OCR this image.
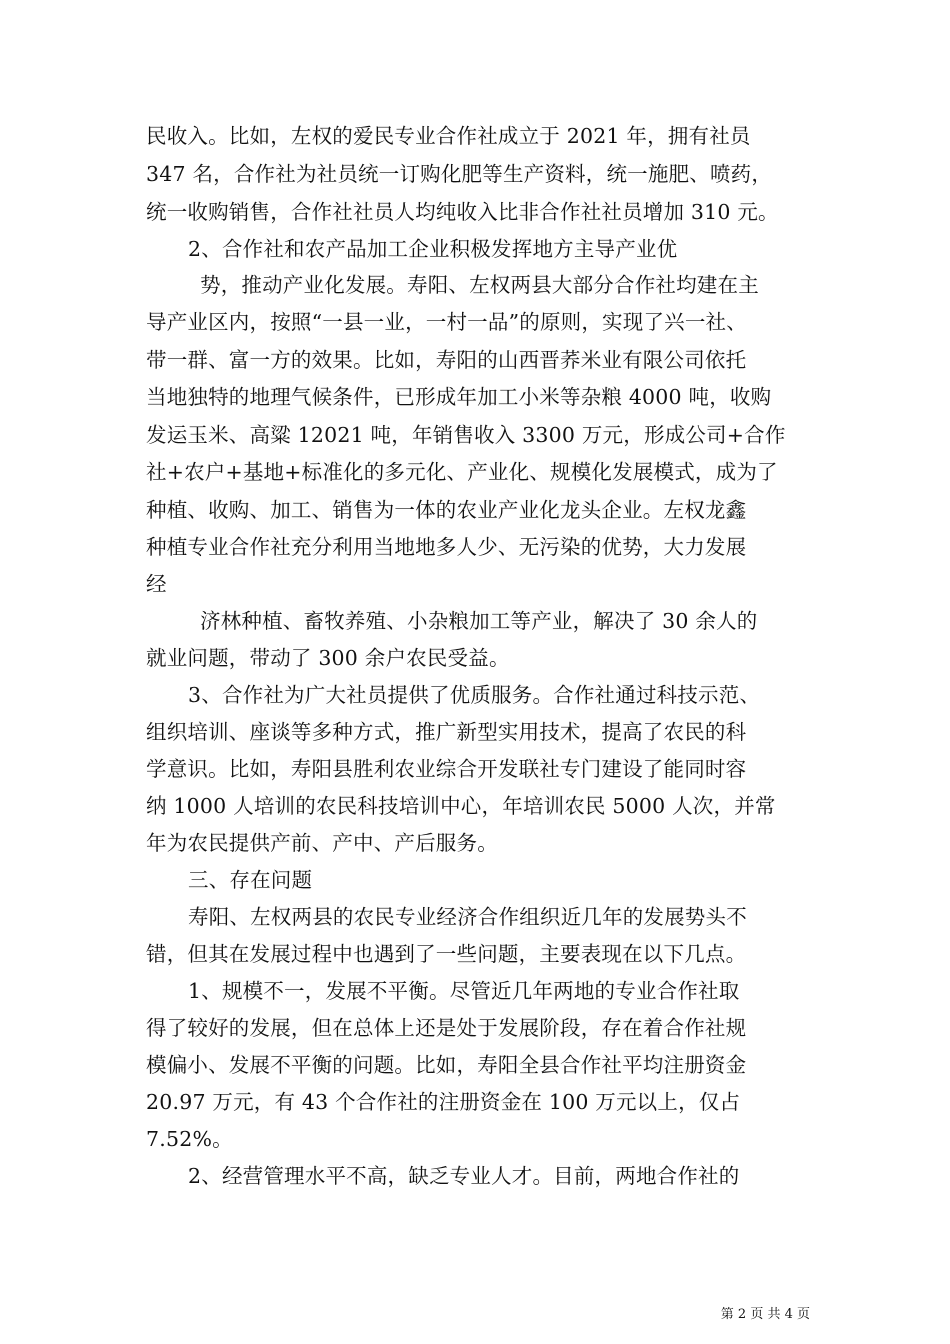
民收入。比如，左权的爱民专业合作社成立于 2021 年，拥有社员
347 名，合作社为社员统一订购化肥等生产资料，统一施肥、喷药，
统一收购销售，合作社社员人均纯收入比非合作社社员增加 310 元。
2、合作社和农产品加工企业积极发挥地方主导产业优
势，推动产业化发展。寿阳、左权两县大部分合作社均建在主
导产业区内，按照“一县一业，一村一品”的原则，实现了兴一社、
带一群、富一方的效果。比如，寿阳的山西晋荞米业有限公司依托
当地独特的地理气候条件，已形成年加工小米等杂粮 4000 吨，收购
发运玉米、高粱 12021 吨，年销售收入 3300 万元，形成公司+合作
社+农户+基地+标准化的多元化、产业化、规模化发展模式，成为了
种植、收购、加工、销售为一体的农业产业化龙头企业。左权龙鑫
种植专业合作社充分利用当地地多人少、无污染的优势，大力发展
经
济林种植、畜牧养殖、小杂粮加工等产业，解决了 30 余人的
就业问题，带动了 300 余户农民受益。
3、合作社为广大社员提供了优质服务。合作社通过科技示范、
组织培训、座谈等多种方式，推广新型实用技术，提高了农民的科
学意识。比如，寿阳县胜利农业综合开发联社专门建设了能同时容
纳 1000 人培训的农民科技培训中心，年培训农民 5000 人次，并常
年为农民提供产前、产中、产后服务。
三、存在问题
寿阳、左权两县的农民专业经济合作组织近几年的发展势头不
错，但其在发展过程中也遇到了一些问题，主要表现在以下几点。
1、规模不一，发展不平衡。尽管近几年两地的专业合作社取
得了较好的发展，但在总体上还是处于发展阶段，存在着合作社规
模偏小、发展不平衡的问题。比如，寿阳全县合作社平均注册资金
20.97 万元，有 43 个合作社的注册资金在 100 万元以上，仅占
7.52%。
2、经营管理水平不高，缺乏专业人才。目前，两地合作社的
第 2 页 共 4 页
